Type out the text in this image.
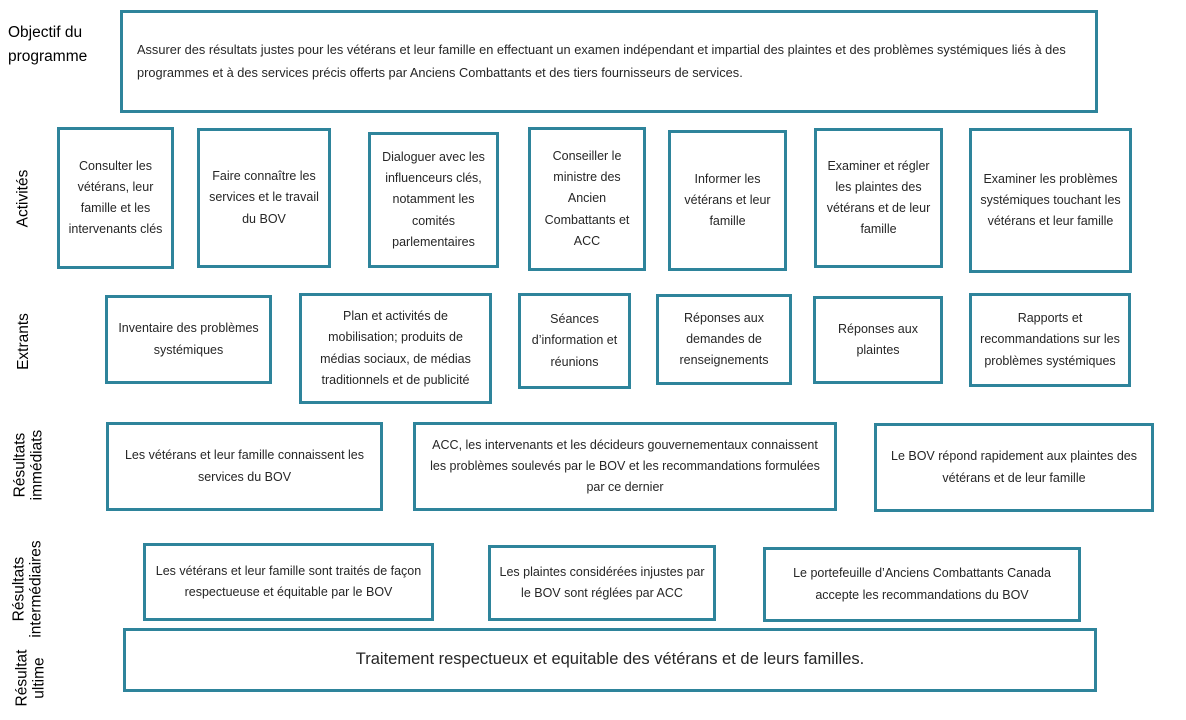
Objectif du
programme	Assurer des résultats justes pour les vétérans et leur famille en effectuant un examen indépendant et impartial des plaintes et des problèmes systémiques liés à des programmes et à des services précis offerts par Anciens Combattants et des tiers fournisseurs de services.
Activités
Consulter les vétérans, leur famille et les intervenants clés
Faire connaître les services et le travail du BOV
Dialoguer avec les influenceurs clés, notamment les comités parlementaires
Conseiller le ministre des Ancien Combattants et ACC
Informer les vétérans et leur famille
Examiner et régler les plaintes des vétérans et de leur famille
Examiner les problèmes systémiques touchant les vétérans et leur famille
Extrants	Inventaire des problèmes systémiques
Plan et activités de mobilisation; produits de médias sociaux, de médias traditionnels et de publicité
Séances d’information et réunions
Réponses aux demandes de renseignements
Réponses aux plaintes
Rapports et recommandations sur les problèmes systémiques
Résultats immédiats	Les vétérans et leur famille connaissent les services du BOV
ACC, les intervenants et les décideurs gouvernementaux connaissent les problèmes soulevés par le BOV et les recommandations formulées par ce dernier
Le BOV répond rapidement aux plaintes des vétérans et de leur famille
Résultats intermédiaires	Les vétérans et leur famille sont traités de façon respectueuse et équitable par le BOV
Les plaintes considérées injustes par le BOV sont réglées par ACC
Le portefeuille d’Anciens Combattants Canada accepte les recommandations du BOV
Résultat ultime	Traitement respectueux et equitable des vétérans et de leurs familles.
